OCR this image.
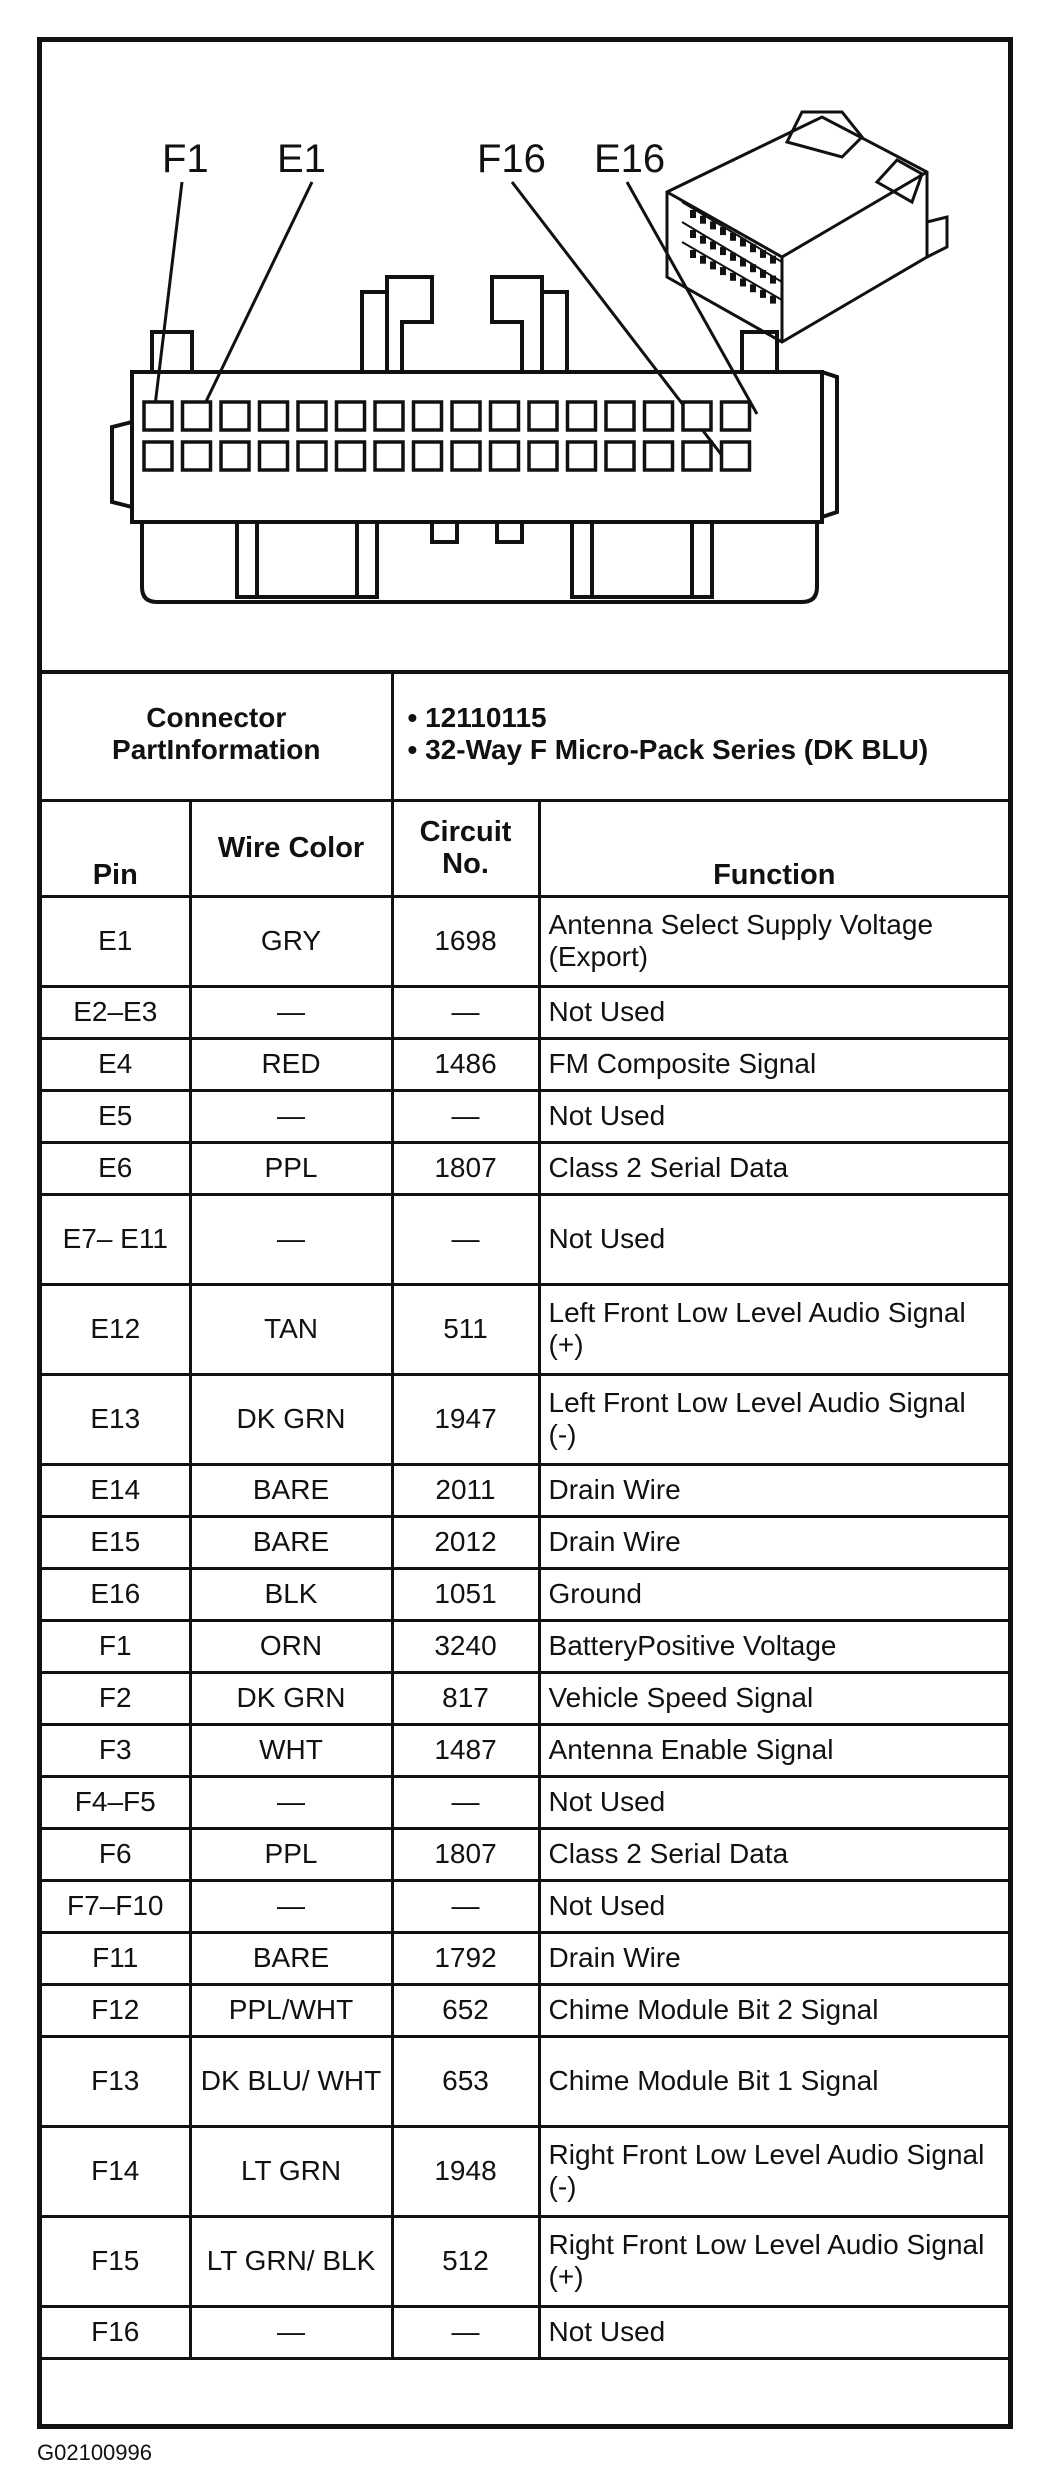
F1 E1	F16 E16
Connector PartInformation		• 12110115
• 32-Way F Micro-Pack Series (DK BLU)	

Pin	Wire Color	Circuit No.	Function
E1	GRY	1698	Antenna Select Supply Voltage (Export)
E2–E3	—	—	Not Used
E4	RED	1486	FM Composite Signal
E5	—	—	Not Used
E6	PPL	1807	Class 2 Serial Data
E7– E11	—	—	Not Used
E12	TAN	511	Left Front Low Level Audio Signal (+)
E13	DK GRN	1947	Left Front Low Level Audio Signal (-)
E14	BARE	2011	Drain Wire
E15	BARE	2012	Drain Wire
E16	BLK	1051	Ground
F1	ORN	3240	BatteryPositive Voltage
F2	DK GRN	817	Vehicle Speed Signal
F3	WHT	1487	Antenna Enable Signal
F4–F5	—	—	Not Used
F6	PPL	1807	Class 2 Serial Data
F7–F10	—	—	Not Used
F11	BARE	1792	Drain Wire
F12	PPL/WHT	652	Chime Module Bit 2 Signal
F13	DK BLU/ WHT	653	Chime Module Bit 1 Signal
F14	LT GRN	1948	Right Front Low Level Audio Signal (-)
F15	LT GRN/ BLK	512	Right Front Low Level Audio Signal (+)
F16	—	—	Not Used
G02100996
